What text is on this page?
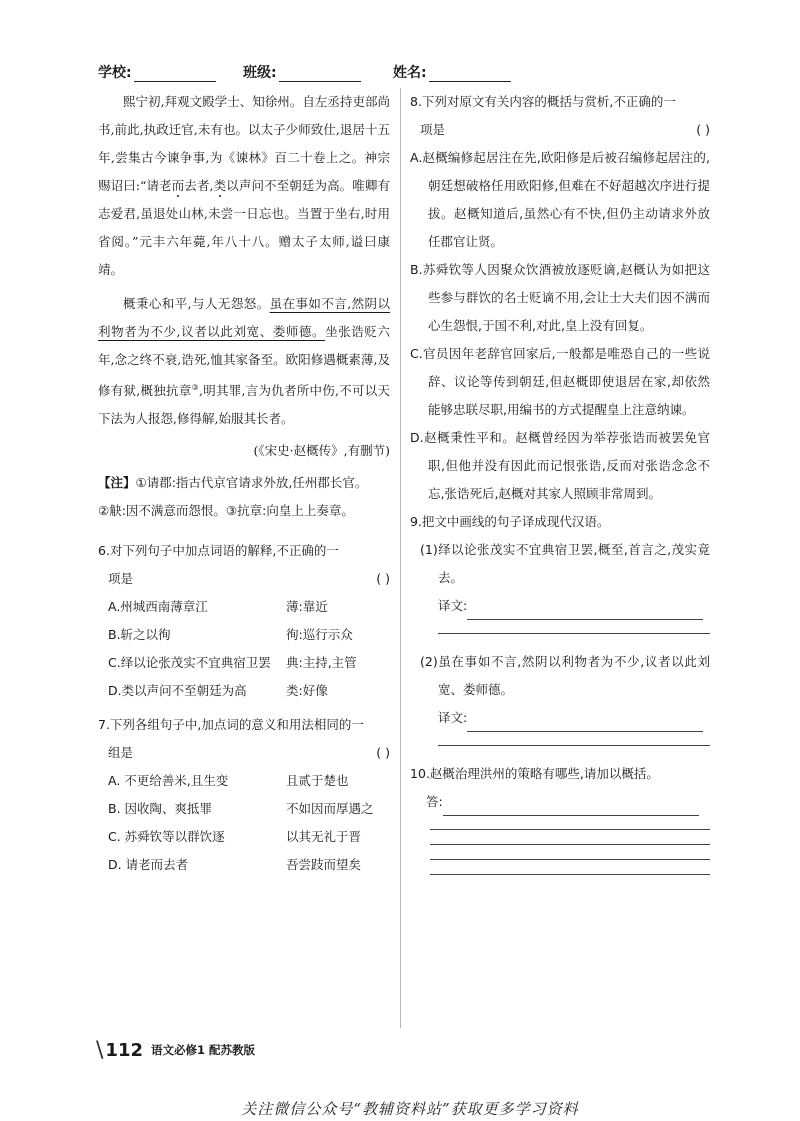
学校:	班级:	姓名:

熙宁初,拜观文殿学士、知徐州。自左丞持吏部尚书,前此,执政迁官,未有也。以太子少师致仕,退居十五年,尝集古今谏争事,为《谏林》百二十卷上之。神宗赐诏曰:“请老而去者,类以声问不至朝廷为高。唯卿有志爱君,虽退处山林,未尝一日忘也。当置于坐右,时用省阅。”元丰六年薨,年八十八。赠太子太师,谥曰康靖。

概秉心和平,与人无怨怒。虽在事如不言,然阴以利物者为不少,议者以此刘宽、娄师德。坐张诰贬六年,念之终不衰,诰死,恤其家备至。欧阳修遇概素薄,及修有狱,概独抗章③,明其罪,言为仇者所中伤,不可以天下法为人报怨,修得解,始服其长者。

(《宋史·赵概传》,有删节)

【注】①请郡:指古代京官请求外放,任州郡长官。

②觖:因不满意而怨恨。③抗章:向皇上上奏章。

6.对下列句子中加点词语的解释,不正确的一

项是	( )

A.州城西南薄章江	薄:靠近
B.斩之以徇	徇:巡行示众
C.绎以论张茂实不宜典宿卫罢	典:主持,主管
D.类以声问不至朝廷为高	类:好像

7.下列各组句子中,加点词的意义和用法相同的一

组是	( )

A. 不更给善米,且生变	且贰于楚也
B. 因收陶、爽抵罪	不如因而厚遇之
C. 苏舜钦等以群饮逐	以其无礼于晋
D. 请老而去者	吾尝跂而望矣

8.下列对原文有关内容的概括与赏析,不正确的一

项是	( )

A.赵概编修起居注在先,欧阳修是后被召编修起居注的,朝廷想破格任用欧阳修,但难在不好超越次序进行提拔。赵概知道后,虽然心有不快,但仍主动请求外放任郡官让贤。

B.苏舜钦等人因聚众饮酒被放逐贬谪,赵概认为如把这些参与群饮的名士贬谪不用,会让士大夫们因不满而心生怨恨,于国不利,对此,皇上没有回复。

C.官员因年老辞官回家后,一般都是唯恐自己的一些说辞、议论等传到朝廷,但赵概即使退居在家,却依然能够忠联尽职,用编书的方式提醒皇上注意纳谏。

D.赵概秉性平和。赵概曾经因为举荐张诰而被罢免官职,但他并没有因此而记恨张诰,反而对张诰念念不忘,张诰死后,赵概对其家人照顾非常周到。

9.把文中画线的句子译成现代汉语。

(1)绎以论张茂实不宜典宿卫罢,概至,首言之,茂实竟去。

译文:

(2)虽在事如不言,然阴以利物者为不少,议者以此刘宽、娄师德。

译文:

10.赵概治理洪州的策略有哪些,请加以概括。

答:

\ 112 语文必修1 配苏教版
关注微信公众号“教辅资料站”获取更多学习资料
